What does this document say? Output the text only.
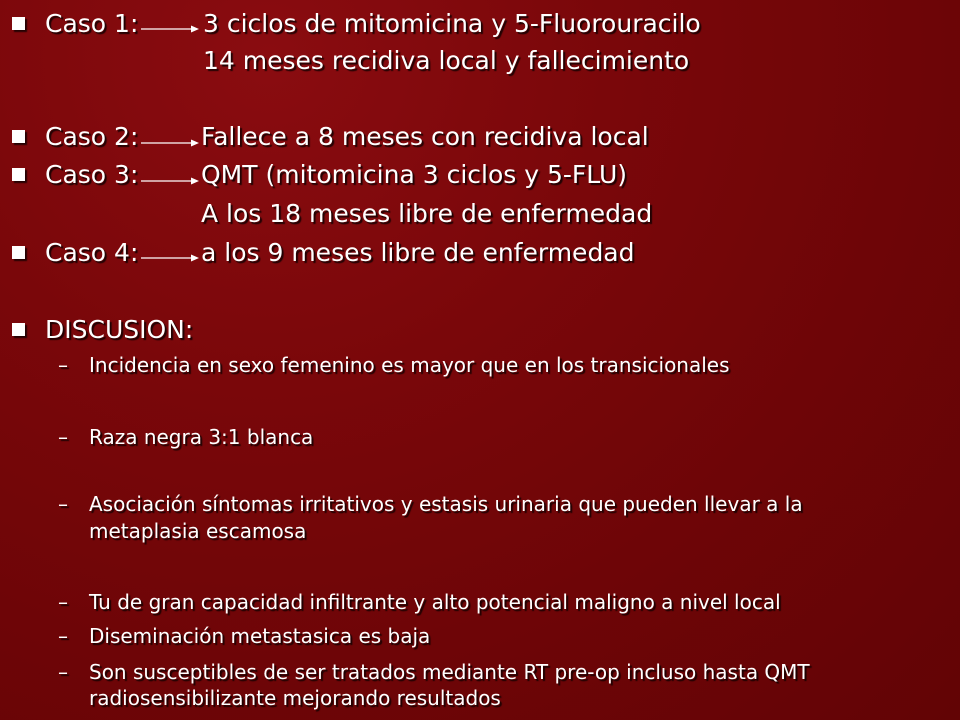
Caso 1:	3 ciclos de mitomicina y 5-Fluorouracilo
14 meses recidiva local y fallecimiento
Caso 2:	Fallece a 8 meses con recidiva local
Caso 3:	QMT (mitomicina 3 ciclos y 5-FLU)
A los 18 meses libre de enfermedad
Caso 4:	a los 9 meses libre de enfermedad
DISCUSION:
– Incidencia en sexo femenino es mayor que en los transicionales
– Raza negra 3:1 blanca
– Asociación síntomas irritativos y estasis urinaria que pueden llevar a la
metaplasia escamosa
– Tu de gran capacidad infiltrante y alto potencial maligno a nivel local
– Diseminación metastasica es baja
– Son susceptibles de ser tratados mediante RT pre-op incluso hasta QMT
radiosensibilizante mejorando resultados
